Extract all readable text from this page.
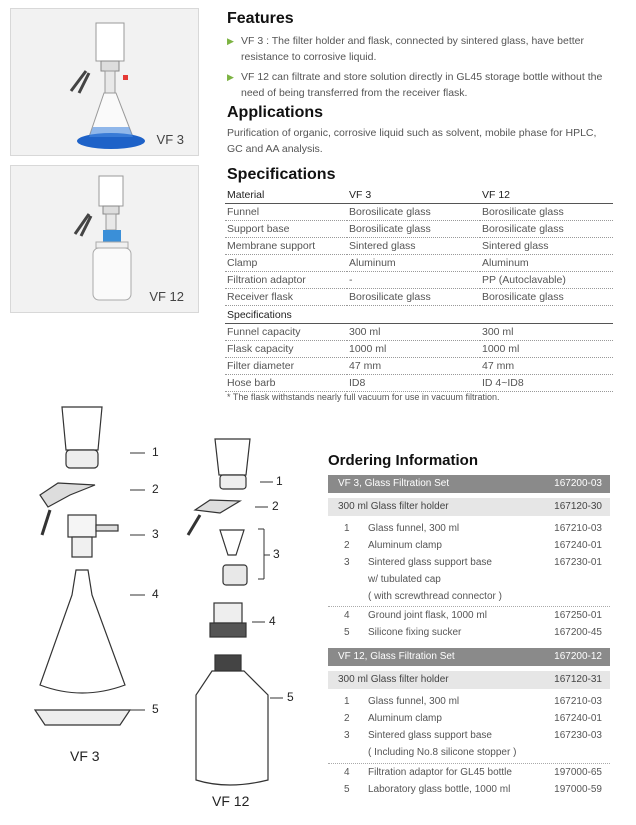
VF 3
VF 12
Features
▶ VF 3 : The filter holder and flask, connected by sintered glass, have better resistance to corrosive liquid.
▶ VF 12 can filtrate and store solution directly in GL45 storage bottle without the need of being transferred from the receiver flask.
Applications
Purification of organic, corrosive liquid such as solvent, mobile phase for HPLC, GC and AA analysis.
Specifications
Material	VF 3	VF 12
Funnel	Borosilicate glass	Borosilicate glass
Support base	Borosilicate glass	Borosilicate glass
Membrane support	Sintered glass	Sintered glass
Clamp	Aluminum	Aluminum
Filtration adaptor	-	PP (Autoclavable)
Receiver flask	Borosilicate glass	Borosilicate glass
Specifications		
Funnel capacity	300 ml	300 ml
Flask capacity	1000 ml	1000 ml
Filter diameter	47 mm	47 mm
Hose barb	ID8	ID 4~ID8
* The flask withstands nearly full vacuum for use in vacuum filtration.
1
2
3
4
5
1
2
3
4
5
VF 3
VF 12
Ordering Information
VF 3, Glass Filtration Set	167200-03
300 ml Glass filter holder	167120-30
1 Glass funnel, 300 ml	167210-03
2 Aluminum clamp	167240-01
3 Sintered glass support base	167230-01
w/ tubulated cap
( with screwthread connector )
4 Ground joint flask, 1000 ml	167250-01
5 Silicone fixing sucker	167200-45
VF 12, Glass Filtration Set	167200-12
300 ml Glass filter holder	167120-31
1 Glass funnel, 300 ml	167210-03
2 Aluminum clamp	167240-01
3 Sintered glass support base	167230-03
( Including No.8 silicone stopper )
4 Filtration adaptor for GL45 bottle	197000-65
5 Laboratory glass bottle, 1000 ml	197000-59
